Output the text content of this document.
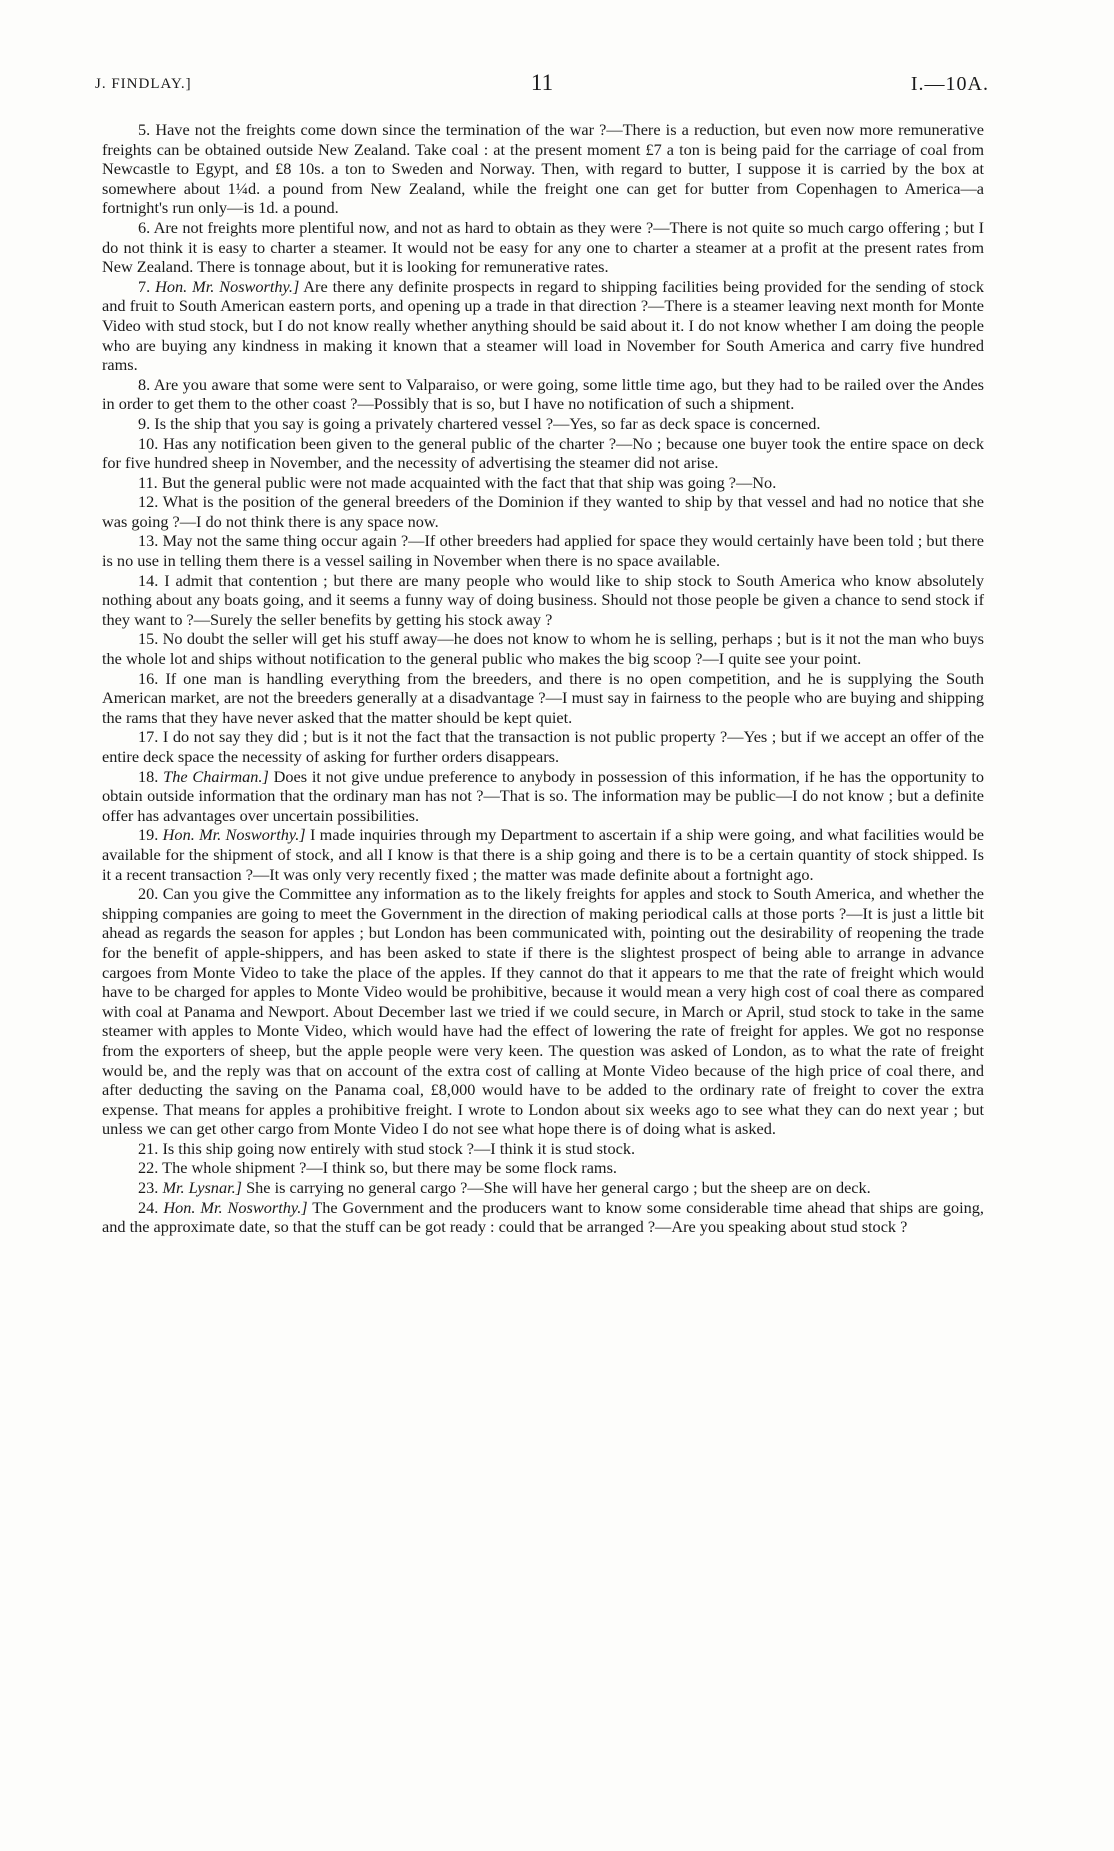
J. FINDLAY.]	11	I.—10A.

5. Have not the freights come down since the termination of the war ?—There is a reduction, but even now more remunerative freights can be obtained outside New Zealand. Take coal : at the present moment £7 a ton is being paid for the carriage of coal from Newcastle to Egypt, and £8 10s. a ton to Sweden and Norway. Then, with regard to butter, I suppose it is carried by the box at somewhere about 1¼d. a pound from New Zealand, while the freight one can get for butter from Copenhagen to America—a fortnight's run only—is 1d. a pound.

6. Are not freights more plentiful now, and not as hard to obtain as they were ?—There is not quite so much cargo offering ; but I do not think it is easy to charter a steamer. It would not be easy for any one to charter a steamer at a profit at the present rates from New Zealand. There is tonnage about, but it is looking for remunerative rates.

7. Hon. Mr. Nosworthy.] Are there any definite prospects in regard to shipping facilities being provided for the sending of stock and fruit to South American eastern ports, and opening up a trade in that direction ?—There is a steamer leaving next month for Monte Video with stud stock, but I do not know really whether anything should be said about it. I do not know whether I am doing the people who are buying any kindness in making it known that a steamer will load in November for South America and carry five hundred rams.

8. Are you aware that some were sent to Valparaiso, or were going, some little time ago, but they had to be railed over the Andes in order to get them to the other coast ?—Possibly that is so, but I have no notification of such a shipment.

9. Is the ship that you say is going a privately chartered vessel ?—Yes, so far as deck space is concerned.

10. Has any notification been given to the general public of the charter ?—No ; because one buyer took the entire space on deck for five hundred sheep in November, and the necessity of advertising the steamer did not arise.

11. But the general public were not made acquainted with the fact that that ship was going ?—No.

12. What is the position of the general breeders of the Dominion if they wanted to ship by that vessel and had no notice that she was going ?—I do not think there is any space now.

13. May not the same thing occur again ?—If other breeders had applied for space they would certainly have been told ; but there is no use in telling them there is a vessel sailing in November when there is no space available.

14. I admit that contention ; but there are many people who would like to ship stock to South America who know absolutely nothing about any boats going, and it seems a funny way of doing business. Should not those people be given a chance to send stock if they want to ?—Surely the seller benefits by getting his stock away ?

15. No doubt the seller will get his stuff away—he does not know to whom he is selling, perhaps ; but is it not the man who buys the whole lot and ships without notification to the general public who makes the big scoop ?—I quite see your point.

16. If one man is handling everything from the breeders, and there is no open competition, and he is supplying the South American market, are not the breeders generally at a disadvantage ?—I must say in fairness to the people who are buying and shipping the rams that they have never asked that the matter should be kept quiet.

17. I do not say they did ; but is it not the fact that the transaction is not public property ?—Yes ; but if we accept an offer of the entire deck space the necessity of asking for further orders disappears.

18. The Chairman.] Does it not give undue preference to anybody in possession of this information, if he has the opportunity to obtain outside information that the ordinary man has not ?—That is so. The information may be public—I do not know ; but a definite offer has advantages over uncertain possibilities.

19. Hon. Mr. Nosworthy.] I made inquiries through my Department to ascertain if a ship were going, and what facilities would be available for the shipment of stock, and all I know is that there is a ship going and there is to be a certain quantity of stock shipped. Is it a recent transaction ?—It was only very recently fixed ; the matter was made definite about a fortnight ago.

20. Can you give the Committee any information as to the likely freights for apples and stock to South America, and whether the shipping companies are going to meet the Government in the direction of making periodical calls at those ports ?—It is just a little bit ahead as regards the season for apples ; but London has been communicated with, pointing out the desirability of reopening the trade for the benefit of apple-shippers, and has been asked to state if there is the slightest prospect of being able to arrange in advance cargoes from Monte Video to take the place of the apples. If they cannot do that it appears to me that the rate of freight which would have to be charged for apples to Monte Video would be prohibitive, because it would mean a very high cost of coal there as compared with coal at Panama and Newport. About December last we tried if we could secure, in March or April, stud stock to take in the same steamer with apples to Monte Video, which would have had the effect of lowering the rate of freight for apples. We got no response from the exporters of sheep, but the apple people were very keen. The question was asked of London, as to what the rate of freight would be, and the reply was that on account of the extra cost of calling at Monte Video because of the high price of coal there, and after deducting the saving on the Panama coal, £8,000 would have to be added to the ordinary rate of freight to cover the extra expense. That means for apples a prohibitive freight. I wrote to London about six weeks ago to see what they can do next year ; but unless we can get other cargo from Monte Video I do not see what hope there is of doing what is asked.

21. Is this ship going now entirely with stud stock ?—I think it is stud stock.

22. The whole shipment ?—I think so, but there may be some flock rams.

23. Mr. Lysnar.] She is carrying no general cargo ?—She will have her general cargo ; but the sheep are on deck.

24. Hon. Mr. Nosworthy.] The Government and the producers want to know some considerable time ahead that ships are going, and the approximate date, so that the stuff can be got ready : could that be arranged ?—Are you speaking about stud stock ?
